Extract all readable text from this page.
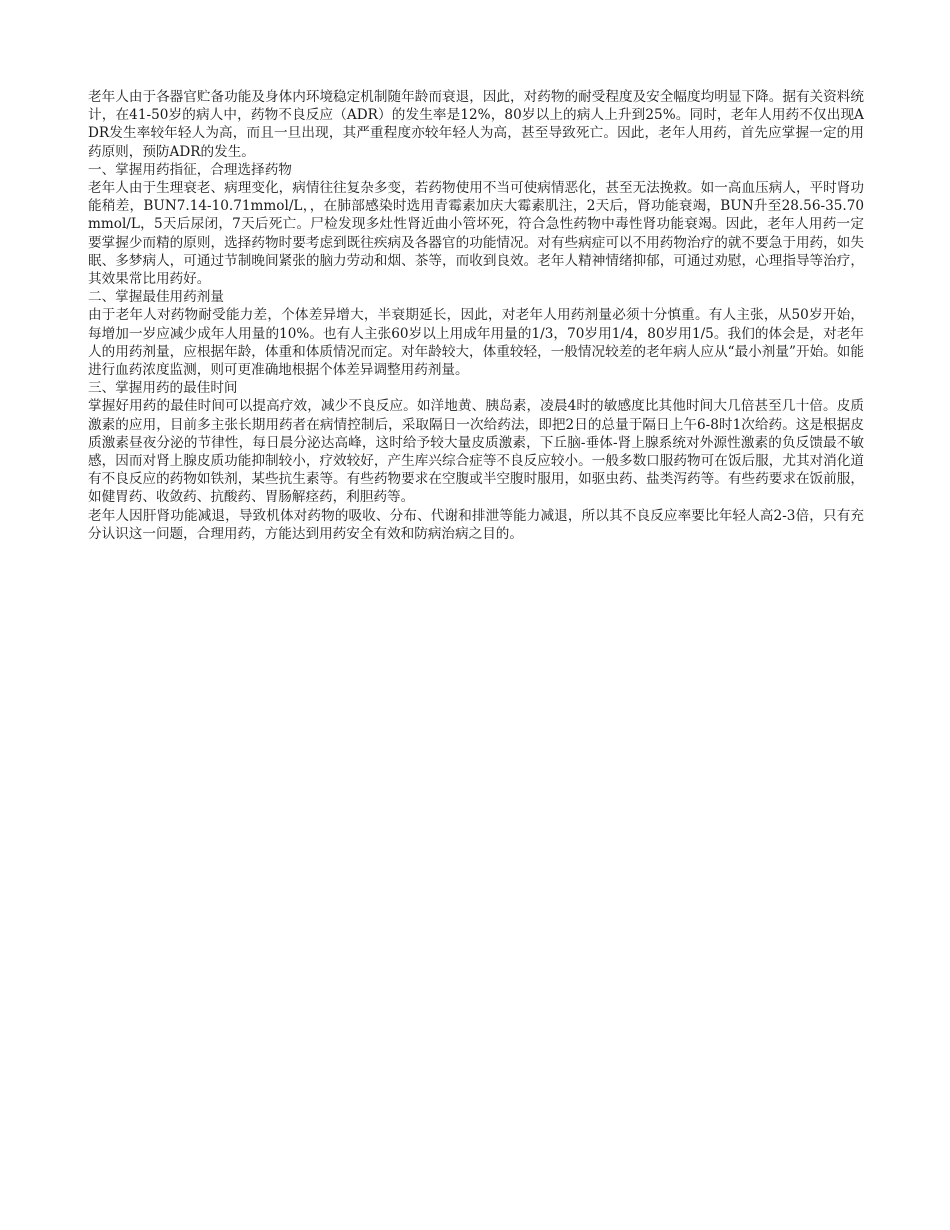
老年人由于各器官贮备功能及身体内环境稳定机制随年龄而衰退，因此，对药物的耐受程度及安全幅度均明显下降。据有关资料统计，在41-50岁的病人中，药物不良反应（ADR）的发生率是12%，80岁以上的病人上升到25%。同时，老年人用药不仅出现ADR发生率较年轻人为高，而且一旦出现，其严重程度亦较年轻人为高，甚至导致死亡。因此，老年人用药，首先应掌握一定的用药原则，预防ADR的发生。

一、掌握用药指征，合理选择药物

老年人由于生理衰老、病理变化，病情往往复杂多变，若药物使用不当可使病情恶化，甚至无法挽救。如一高血压病人，平时肾功能稍差，BUN7.14-10.71mmol/L，，在肺部感染时选用青霉素加庆大霉素肌注，2天后，肾功能衰竭，BUN升至28.56-35.70mmol/L，5天后尿闭，7天后死亡。尸检发现多灶性肾近曲小管坏死，符合急性药物中毒性肾功能衰竭。因此，老年人用药一定要掌握少而精的原则，选择药物时要考虑到既往疾病及各器官的功能情况。对有些病症可以不用药物治疗的就不要急于用药，如失眠、多梦病人，可通过节制晚间紧张的脑力劳动和烟、茶等，而收到良效。老年人精神情绪抑郁，可通过劝慰，心理指导等治疗，其效果常比用药好。

二、掌握最佳用药剂量

由于老年人对药物耐受能力差，个体差异增大，半衰期延长，因此，对老年人用药剂量必须十分慎重。有人主张，从50岁开始，每增加一岁应减少成年人用量的10%。也有人主张60岁以上用成年用量的1/3，70岁用1/4，80岁用1/5。我们的体会是，对老年人的用药剂量，应根据年龄，体重和体质情况而定。对年龄较大，体重较轻，一般情况较差的老年病人应从“最小剂量”开始。如能进行血药浓度监测，则可更准确地根据个体差异调整用药剂量。

三、掌握用药的最佳时间

掌握好用药的最佳时间可以提高疗效，减少不良反应。如洋地黄、胰岛素，凌晨4时的敏感度比其他时间大几倍甚至几十倍。皮质激素的应用，目前多主张长期用药者在病情控制后，采取隔日一次给药法，即把2日的总量于隔日上午6-8时1次给药。这是根据皮质激素昼夜分泌的节律性，每日晨分泌达高峰，这时给予较大量皮质激素，下丘脑-垂体-肾上腺系统对外源性激素的负反馈最不敏感，因而对肾上腺皮质功能抑制较小，疗效较好，产生库兴综合症等不良反应较小。一般多数口服药物可在饭后服，尤其对消化道有不良反应的药物如铁剂，某些抗生素等。有些药物要求在空腹或半空腹时服用，如驱虫药、盐类泻药等。有些药要求在饭前服，如健胃药、收敛药、抗酸药、胃肠解痉药，利胆药等。

老年人因肝肾功能减退，导致机体对药物的吸收、分布、代谢和排泄等能力减退，所以其不良反应率要比年轻人高2-3倍，只有充分认识这一问题，合理用药，方能达到用药安全有效和防病治病之目的。
